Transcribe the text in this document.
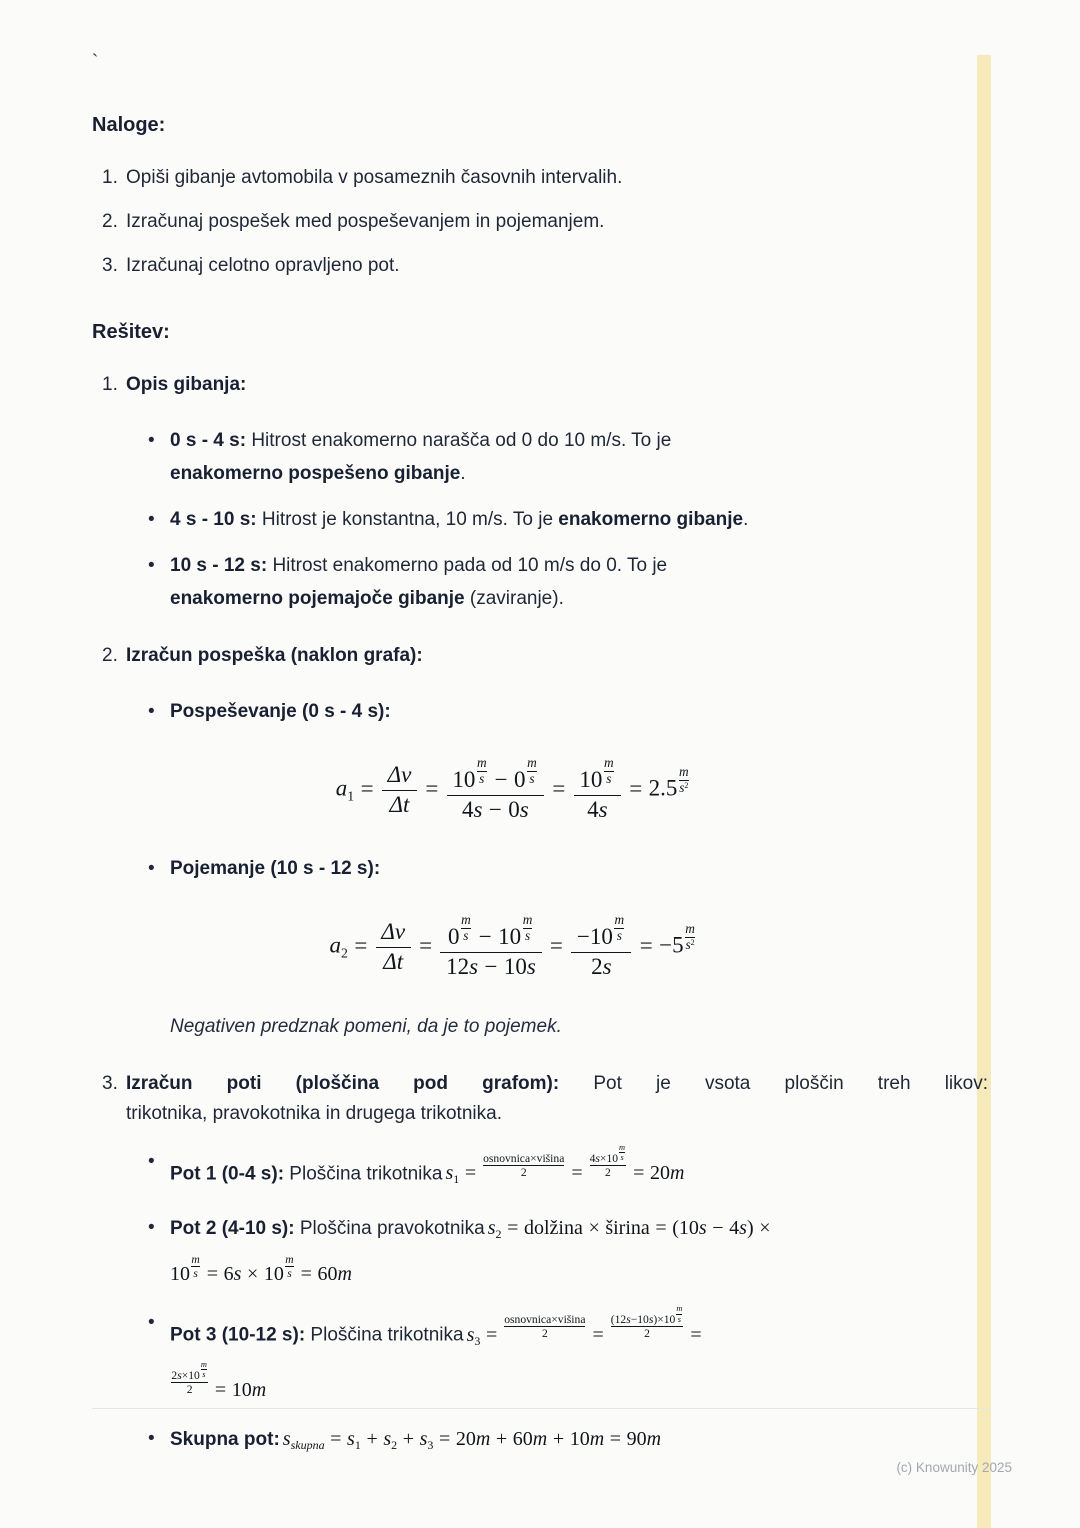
`
Naloge:
1. Opiši gibanje avtomobila v posameznih časovnih intervalih.
2. Izračunaj pospešek med pospeševanjem in pojemanjem.
3. Izračunaj celotno opravljeno pot.
Rešitev:
1. Opis gibanja:
• 0 s - 4 s: Hitrost enakomerno narašča od 0 do 10 m/s. To je
enakomerno pospešeno gibanje.
• 4 s - 10 s: Hitrost je konstantna, 10 m/s. To je enakomerno gibanje.
• 10 s - 12 s: Hitrost enakomerno pada od 10 m/s do 0. To je
enakomerno pojemajoče gibanje (zaviranje).
2. Izračun pospeška (naklon grafa):
• Pospeševanje (0 s - 4 s):
$a_1 = \frac{\Delta v}{\Delta t} = \frac{10 \frac{m}{s} - 0 \frac{m}{s}}{4s - 0s} = \frac{10 \frac{m}{s}}{4s} = 2.5 \frac{m}{s^2}$
• Pojemanje (10 s - 12 s):
$a_2 = \frac{\Delta v}{\Delta t} = \frac{0 \frac{m}{s} - 10 \frac{m}{s}}{12s - 10s} = \frac{-10 \frac{m}{s}}{2s} = -5 \frac{m}{s^2}$
Negativen predznak pomeni, da je to pojemek.
3. Izračun poti (ploščina pod grafom): Pot je vsota ploščin treh likov:
trikotnika, pravokotnika in drugega trikotnika.
•
Pot 1 (0-4 s): Ploščina trikotnika $s_1$ =
osnovnica×višina
2	= $\frac{4s\times 10 \frac{m}{s}}{2} = 20m$
• Pot 2 (4-10 s): Ploščina pravokotnika $s_2$ = dolžina × širina = (10s − 4s) ×
$10 \frac{m}{s} = 6s \times 10 \frac{m}{s} = 60m$
•
Pot 3 (10-12 s): Ploščina trikotnika $s_3$ =
osnovnica×višina
2	= $\frac{(12s-10s)\times 10 \frac{m}{s}}{2}$ =

$\frac{2s\times 10 \frac{m}{s}}{2} = 10m$
• Skupna pot: $s_{skupna} = s_1 + s_2 + s_3 = 20m + 60m + 10m = 90m$
(c) Knowunity 2025
